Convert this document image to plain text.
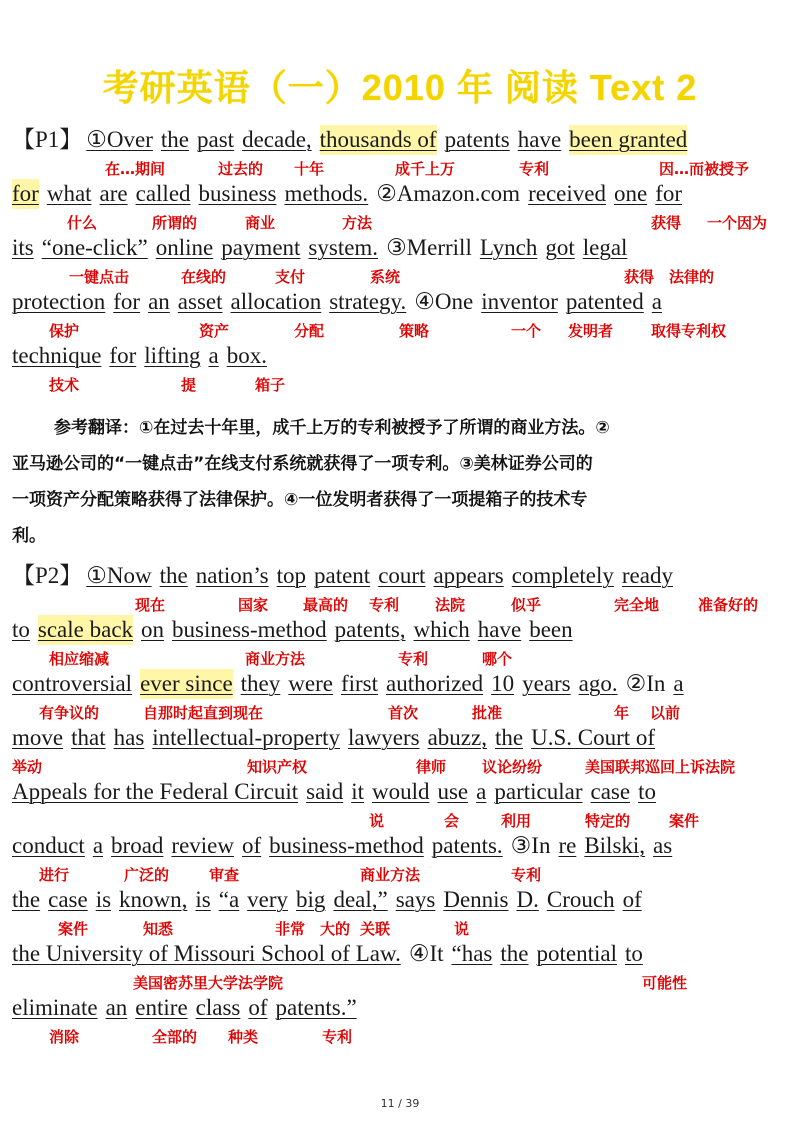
考研英语（一）2010 年 阅读 Text 2
【P1】 ①Over the past decade, thousands of patents have been granted
在…期间	过去的 十年	成千上万	专利	因…而被授予
for what are called business methods. ②Amazon.com received one for
什么	所谓的	商业	方法	获得 一个因为
its “one-click” online payment system. ③Merrill Lynch got legal
一键点击	在线的	支付	系统	获得 法律的
protection for an asset allocation strategy. ④One inventor patented a
保护	资产	分配	策略	一个 发明者	取得专利权
technique for lifting a box.
技术	提	箱子

参考翻译：①在过去十年里，成千上万的专利被授予了所谓的商业方法。②

亚马逊公司的“一键点击”在线支付系统就获得了一项专利。③美林证券公司的

一项资产分配策略获得了法律保护。④一位发明者获得了一项提箱子的技术专

利。

【P2】 ①Now the nation’s top patent court appears completely ready
现在	国家 最高的 专利 法院	似乎	完全地	准备好的
to scale back on business-method patents, which have been
相应缩减	商业方法	专利	哪个
controversial ever since they were first authorized 10 years ago. ②In a
有争议的	自那时起直到现在	首次	批准	年 以前
move that has intellectual-property lawyers abuzz, the U.S. Court of
举动	知识产权	律师 议论纷纷	美国联邦巡回上诉法院
Appeals for the Federal Circuit said it would use a particular case to
说	会	利用	特定的	案件
conduct a broad review of business-method patents. ③In re Bilski, as
进行	广泛的	审查	商业方法	专利
the case is known, is “a very big deal,” says Dennis D. Crouch of
案件	知悉	非常 大的 关联	说
the University of Missouri School of Law. ④It “has the potential to
美国密苏里大学法学院	可能性
eliminate an entire class of patents.”
消除	全部的 种类	专利
11 / 39
